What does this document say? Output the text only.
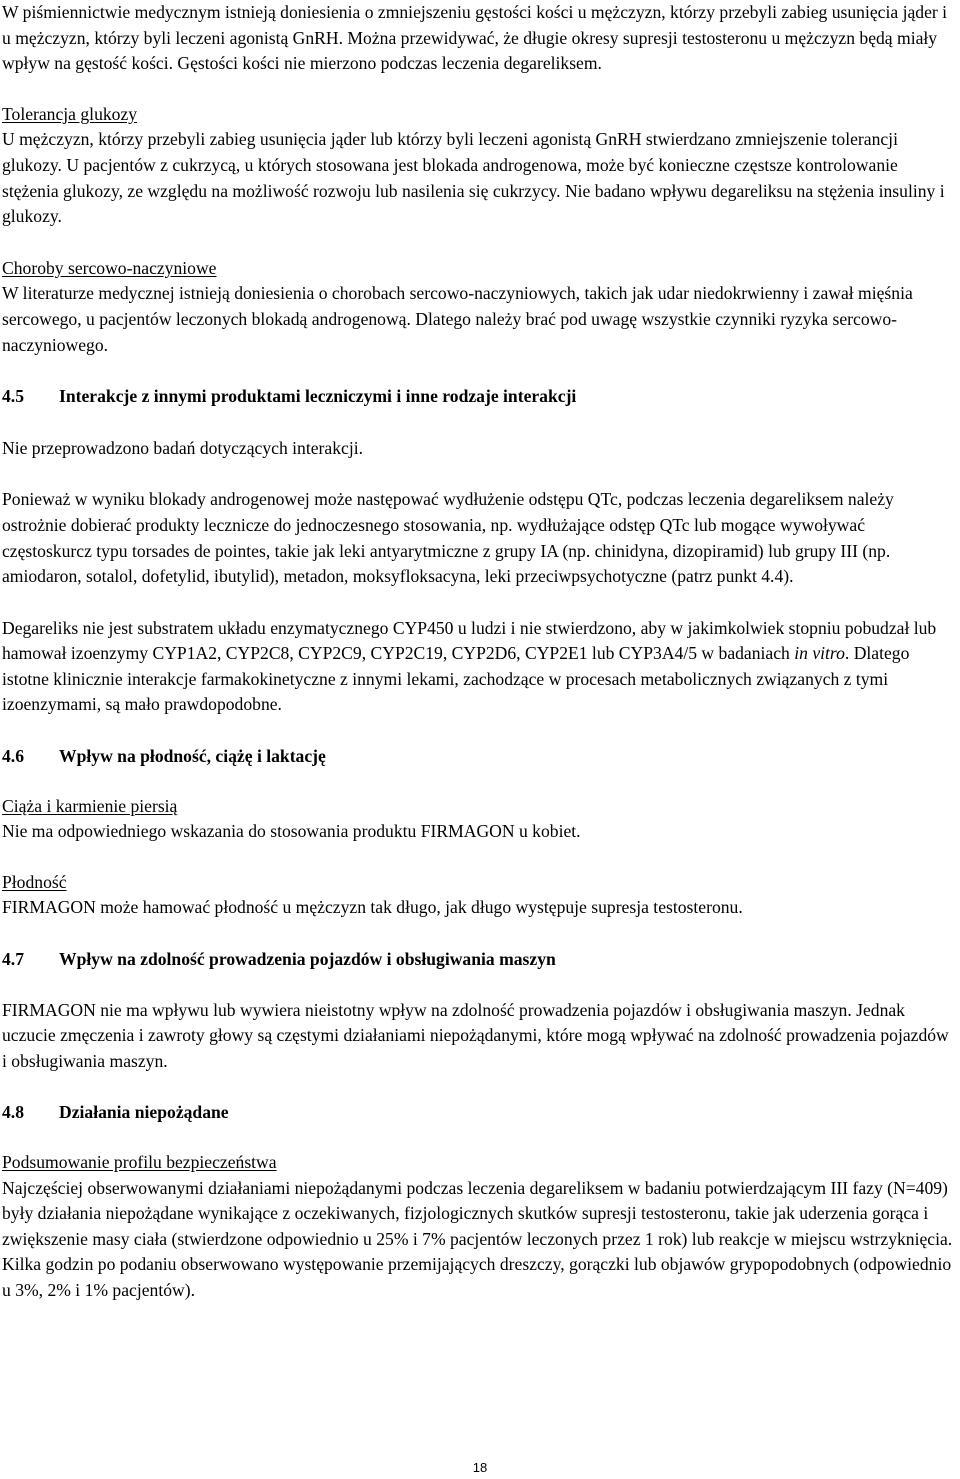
W piśmiennictwie medycznym istnieją doniesienia o zmniejszeniu gęstości kości u mężczyzn, którzy przebyli zabieg usunięcia jąder i u mężczyzn, którzy byli leczeni agonistą GnRH. Można przewidywać, że długie okresy supresji testosteronu u mężczyzn będą miały wpływ na gęstość kości. Gęstości kości nie mierzono podczas leczenia degareliksem.

Tolerancja glukozy

U mężczyzn, którzy przebyli zabieg usunięcia jąder lub którzy byli leczeni agonistą GnRH stwierdzano zmniejszenie tolerancji glukozy. U pacjentów z cukrzycą, u których stosowana jest blokada androgenowa, może być konieczne częstsze kontrolowanie stężenia glukozy, ze względu na możliwość rozwoju lub nasilenia się cukrzycy. Nie badano wpływu degareliksu na stężenia insuliny i glukozy.

Choroby sercowo-naczyniowe

W literaturze medycznej istnieją doniesienia o chorobach sercowo-naczyniowych, takich jak udar niedokrwienny i zawał mięśnia sercowego, u pacjentów leczonych blokadą androgenową. Dlatego należy brać pod uwagę wszystkie czynniki ryzyka sercowo-naczyniowego.

4.5	Interakcje z innymi produktami leczniczymi i inne rodzaje interakcji

Nie przeprowadzono badań dotyczących interakcji.

Ponieważ w wyniku blokady androgenowej może następować wydłużenie odstępu QTc, podczas leczenia degareliksem należy ostrożnie dobierać produkty lecznicze do jednoczesnego stosowania, np. wydłużające odstęp QTc lub mogące wywoływać częstoskurcz typu torsades de pointes, takie jak leki antyarytmiczne z grupy IA (np. chinidyna, dizopiramid) lub grupy III (np. amiodaron, sotalol, dofetylid, ibutylid), metadon, moksyfloksacyna, leki przeciwpsychotyczne (patrz punkt 4.4).

Degareliks nie jest substratem układu enzymatycznego CYP450 u ludzi i nie stwierdzono, aby w jakimkolwiek stopniu pobudzał lub hamował izoenzymy CYP1A2, CYP2C8, CYP2C9, CYP2C19, CYP2D6, CYP2E1 lub CYP3A4/5 w badaniach in vitro. Dlatego istotne klinicznie interakcje farmakokinetyczne z innymi lekami, zachodzące w procesach metabolicznych związanych z tymi izoenzymami, są mało prawdopodobne.

4.6	Wpływ na płodność, ciążę i laktację

Ciąża i karmienie piersią

Nie ma odpowiedniego wskazania do stosowania produktu FIRMAGON u kobiet.

Płodność

FIRMAGON może hamować płodność u mężczyzn tak długo, jak długo występuje supresja testosteronu.

4.7	Wpływ na zdolność prowadzenia pojazdów i obsługiwania maszyn

FIRMAGON nie ma wpływu lub wywiera nieistotny wpływ na zdolność prowadzenia pojazdów i obsługiwania maszyn. Jednak uczucie zmęczenia i zawroty głowy są częstymi działaniami niepożądanymi, które mogą wpływać na zdolność prowadzenia pojazdów i obsługiwania maszyn.

4.8	Działania niepożądane

Podsumowanie profilu bezpieczeństwa

Najczęściej obserwowanymi działaniami niepożądanymi podczas leczenia degareliksem w badaniu potwierdzającym III fazy (N=409) były działania niepożądane wynikające z oczekiwanych, fizjologicznych skutków supresji testosteronu, takie jak uderzenia gorąca i zwiększenie masy ciała (stwierdzone odpowiednio u 25% i 7% pacjentów leczonych przez 1 rok) lub reakcje w miejscu wstrzyknięcia. Kilka godzin po podaniu obserwowano występowanie przemijających dreszczy, gorączki lub objawów grypopodobnych (odpowiednio u 3%, 2% i 1% pacjentów).

18
